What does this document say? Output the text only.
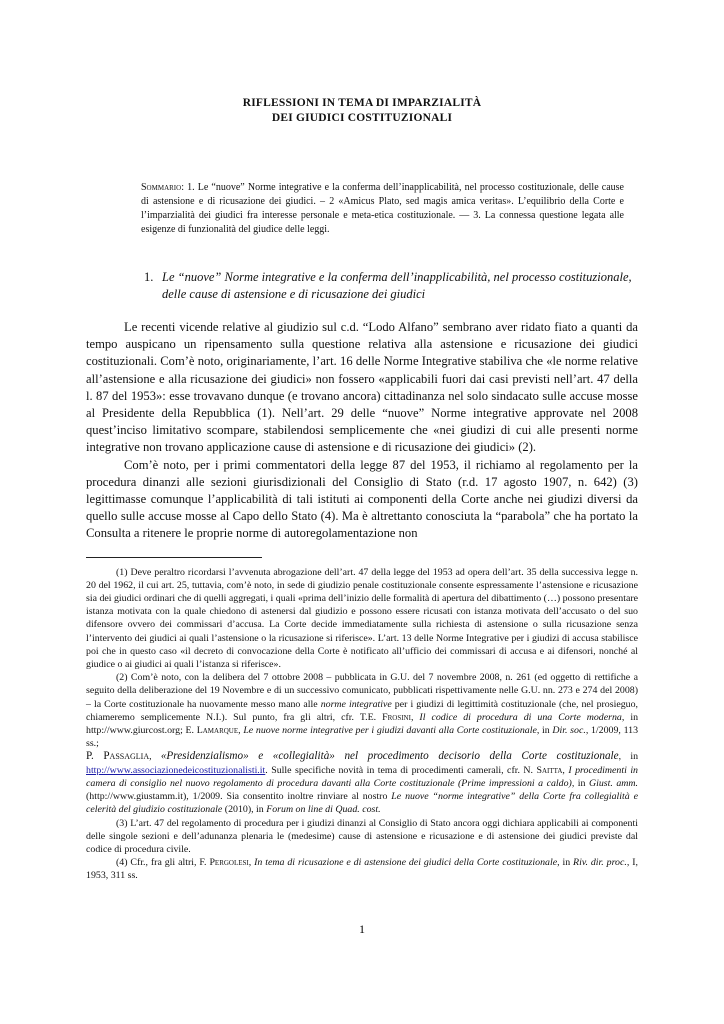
RIFLESSIONI IN TEMA DI IMPARZIALITÀ
DEI GIUDICI COSTITUZIONALI
Sommario: 1. Le “nuove” Norme integrative e la conferma dell’inapplicabilità, nel processo costituzionale, delle cause di astensione e di ricusazione dei giudici. – 2 «Amicus Plato, sed magis amica veritas». L’equilibrio della Corte e l’imparzialità dei giudici fra interesse personale e meta-etica costituzionale. — 3. La connessa questione legata alle esigenze di funzionalità del giudice delle leggi.
1. Le “nuove” Norme integrative e la conferma dell’inapplicabilità, nel processo costituzionale, delle cause di astensione e di ricusazione dei giudici

Le recenti vicende relative al giudizio sul c.d. “Lodo Alfano” sembrano aver ridato fiato a quanti da tempo auspicano un ripensamento sulla questione relativa alla astensione e ricusazione dei giudici costituzionali. Com’è noto, originariamente, l’art. 16 delle Norme Integrative stabiliva che «le norme relative all’astensione e alla ricusazione dei giudici» non fossero «applicabili fuori dai casi previsti nell’art. 47 della l. 87 del 1953»: esse trovavano dunque (e trovano ancora) cittadinanza nel solo sindacato sulle accuse mosse al Presidente della Repubblica (1). Nell’art. 29 delle “nuove” Norme integrative approvate nel 2008 quest’inciso limitativo scompare, stabilendosi semplicemente che «nei giudizi di cui alle presenti norme integrative non trovano applicazione cause di astensione e di ricusazione dei giudici» (2).

Com’è noto, per i primi commentatori della legge 87 del 1953, il richiamo al regolamento per la procedura dinanzi alle sezioni giurisdizionali del Consiglio di Stato (r.d. 17 agosto 1907, n. 642) (3) legittimasse comunque l’applicabilità di tali istituti ai componenti della Corte anche nei giudizi diversi da quello sulle accuse mosse al Capo dello Stato (4). Ma è altrettanto conosciuta la “parabola” che ha portato la Consulta a ritenere le proprie norme di autoregolamentazione non

(1) Deve peraltro ricordarsi l’avvenuta abrogazione dell’art. 47 della legge del 1953 ad opera dell’art. 35 della successiva legge n. 20 del 1962, il cui art. 25, tuttavia, com’è noto, in sede di giudizio penale costituzionale consente espressamente l’astensione e ricusazione sia dei giudici ordinari che di quelli aggregati, i quali «prima dell’inizio delle formalità di apertura del dibattimento (…) possono presentare istanza motivata con la quale chiedono di astenersi dal giudizio e possono essere ricusati con istanza motivata dell’accusato o del suo difensore ovvero dei commissari d’accusa. La Corte decide immediatamente sulla richiesta di astensione o sulla ricusazione senza l’intervento dei giudici ai quali l’astensione o la ricusazione si riferisce». L’art. 13 delle Norme Integrative per i giudizi di accusa stabilisce poi che in questo caso «il decreto di convocazione della Corte è notificato all’ufficio dei commissari di accusa e ai difensori, nonché al giudice o ai giudici ai quali l’istanza si riferisce».

(2) Com’è noto, con la delibera del 7 ottobre 2008 – pubblicata in G.U. del 7 novembre 2008, n. 261 (ed oggetto di rettifiche a seguito della deliberazione del 19 Novembre e di un successivo comunicato, pubblicati rispettivamente nelle G.U. nn. 273 e 274 del 2008) – la Corte costituzionale ha nuovamente messo mano alle norme integrative per i giudizi di legittimità costituzionale (che, nel prosieguo, chiameremo semplicemente N.I.). Sul punto, fra gli altri, cfr. T.E. Frosini, Il codice di procedura di una Corte moderna, in http://www.giurcost.org; E. Lamarque, Le nuove norme integrative per i giudizi davanti alla Corte costituzionale, in Dir. soc., 1/2009, 113 ss.;

P. Passaglia, «Presidenzialismo» e «collegialità» nel procedimento decisorio della Corte costituzionale, in http://www.associazionedeicostituzionalisti.it. Sulle specifiche novità in tema di procedimenti camerali, cfr. N. Saitta, I procedimenti in camera di consiglio nel nuovo regolamento di procedura davanti alla Corte costituzionale (Prime impressioni a caldo), in Giust. amm. (http://www.giustamm.it), 1/2009. Sia consentito inoltre rinviare al nostro Le nuove “norme integrative” della Corte fra collegialità e celerità del giudizio costituzionale (2010), in Forum on line di Quad. cost.

(3) L’art. 47 del regolamento di procedura per i giudizi dinanzi al Consiglio di Stato ancora oggi dichiara applicabili ai componenti delle singole sezioni e dell’adunanza plenaria le (medesime) cause di astensione e ricusazione e di astensione dei giudici previste dal codice di procedura civile.

(4) Cfr., fra gli altri, F. Pergolesi, In tema di ricusazione e di astensione dei giudici della Corte costituzionale, in Riv. dir. proc., I, 1953, 311 ss.

1
